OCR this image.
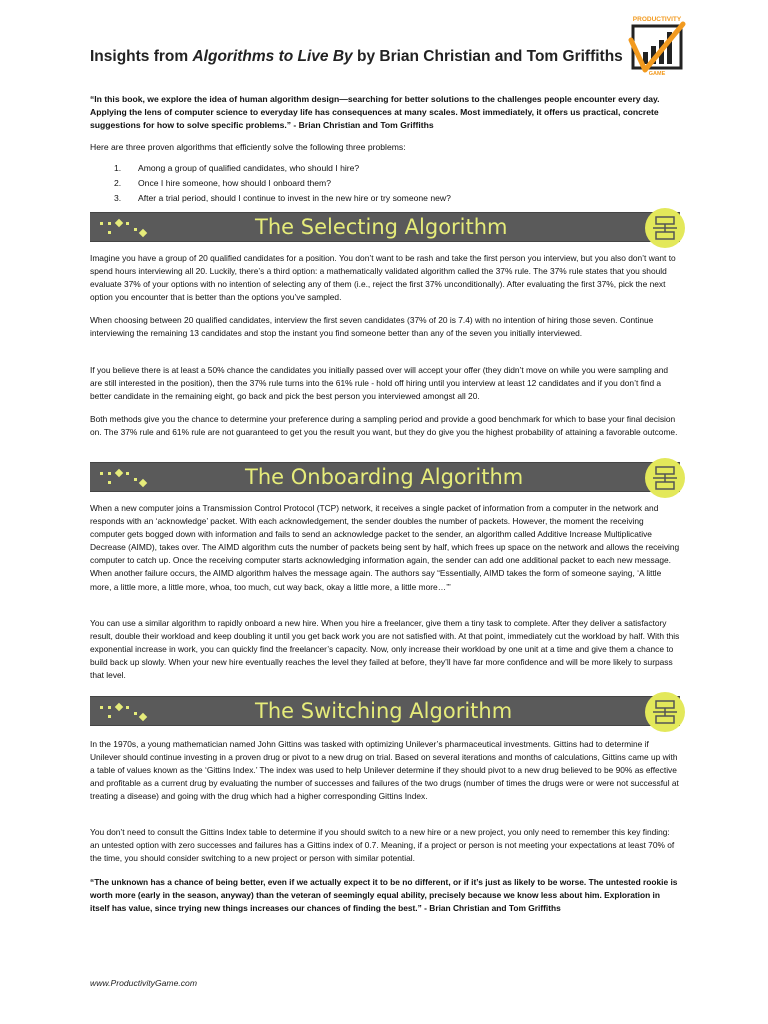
Insights from Algorithms to Live By by Brian Christian and Tom Griffiths
PRODUCTIVITY
GAME

“In this book, we explore the idea of human algorithm design—searching for better solutions to the challenges people encounter every day. Applying the lens of computer science to everyday life has consequences at many scales. Most immediately, it offers us practical, concrete suggestions for how to solve specific problems.” - Brian Christian and Tom Griffiths

Here are three proven algorithms that efficiently solve the following three problems:

1.	Among a group of qualified candidates, who should I hire?
2.	Once I hire someone, how should I onboard them?
3.	After a trial period, should I continue to invest in the new hire or try someone new?
The Selecting Algorithm

Imagine you have a group of 20 qualified candidates for a position. You don’t want to be rash and take the first person you interview, but you also don’t want to spend hours interviewing all 20. Luckily, there’s a third option: a mathematically validated algorithm called the 37% rule. The 37% rule states that you should evaluate 37% of your options with no intention of selecting any of them (i.e., reject the first 37% unconditionally). After evaluating the first 37%, pick the next option you encounter that is better than the options you’ve sampled.

When choosing between 20 qualified candidates, interview the first seven candidates (37% of 20 is 7.4) with no intention of hiring those seven. Continue interviewing the remaining 13 candidates and stop the instant you find someone better than any of the seven you initially interviewed.

If you believe there is at least a 50% chance the candidates you initially passed over will accept your offer (they didn’t move on while you were sampling and are still interested in the position), then the 37% rule turns into the 61% rule - hold off hiring until you interview at least 12 candidates and if you don’t find a better candidate in the remaining eight, go back and pick the best person you interviewed amongst all 20.

Both methods give you the chance to determine your preference during a sampling period and provide a good benchmark for which to base your final decision on. The 37% rule and 61% rule are not guaranteed to get you the result you want, but they do give you the highest probability of attaining a favorable outcome.

The Onboarding Algorithm

When a new computer joins a Transmission Control Protocol (TCP) network, it receives a single packet of information from a computer in the network and responds with an ‘acknowledge’ packet. With each acknowledgement, the sender doubles the number of packets. However, the moment the receiving computer gets bogged down with information and fails to send an acknowledge packet to the sender, an algorithm called Additive Increase Multiplicative Decrease (AIMD), takes over. The AIMD algorithm cuts the number of packets being sent by half, which frees up space on the network and allows the receiving computer to catch up. Once the receiving computer starts acknowledging information again, the sender can add one additional packet to each new message. When another failure occurs, the AIMD algorithm halves the message again. The authors say “Essentially, AIMD takes the form of someone saying, ‘A little more, a little more, a little more, whoa, too much, cut way back, okay a little more, a little more…’”

You can use a similar algorithm to rapidly onboard a new hire. When you hire a freelancer, give them a tiny task to complete. After they deliver a satisfactory result, double their workload and keep doubling it until you get back work you are not satisfied with. At that point, immediately cut the workload by half. With this exponential increase in work, you can quickly find the freelancer’s capacity. Now, only increase their workload by one unit at a time and give them a chance to build back up slowly. When your new hire eventually reaches the level they failed at before, they’ll have far more confidence and will be more likely to surpass that level.

The Switching Algorithm

In the 1970s, a young mathematician named John Gittins was tasked with optimizing Unilever’s pharmaceutical investments. Gittins had to determine if Unilever should continue investing in a proven drug or pivot to a new drug on trial. Based on several iterations and months of calculations, Gittins came up with a table of values known as the ‘Gittins Index.’ The index was used to help Unilever determine if they should pivot to a new drug believed to be 90% as effective and profitable as a current drug by evaluating the number of successes and failures of the two drugs (number of times the drugs were or were not successful at treating a disease) and going with the drug which had a higher corresponding Gittins Index.

You don’t need to consult the Gittins Index table to determine if you should switch to a new hire or a new project, you only need to remember this key finding: an untested option with zero successes and failures has a Gittins index of 0.7. Meaning, if a project or person is not meeting your expectations at least 70% of the time, you should consider switching to a new project or person with similar potential.

“The unknown has a chance of being better, even if we actually expect it to be no different, or if it’s just as likely to be worse. The untested rookie is worth more (early in the season, anyway) than the veteran of seemingly equal ability, precisely because we know less about him. Exploration in itself has value, since trying new things increases our chances of finding the best.” - Brian Christian and Tom Griffiths

www.ProductivityGame.com
